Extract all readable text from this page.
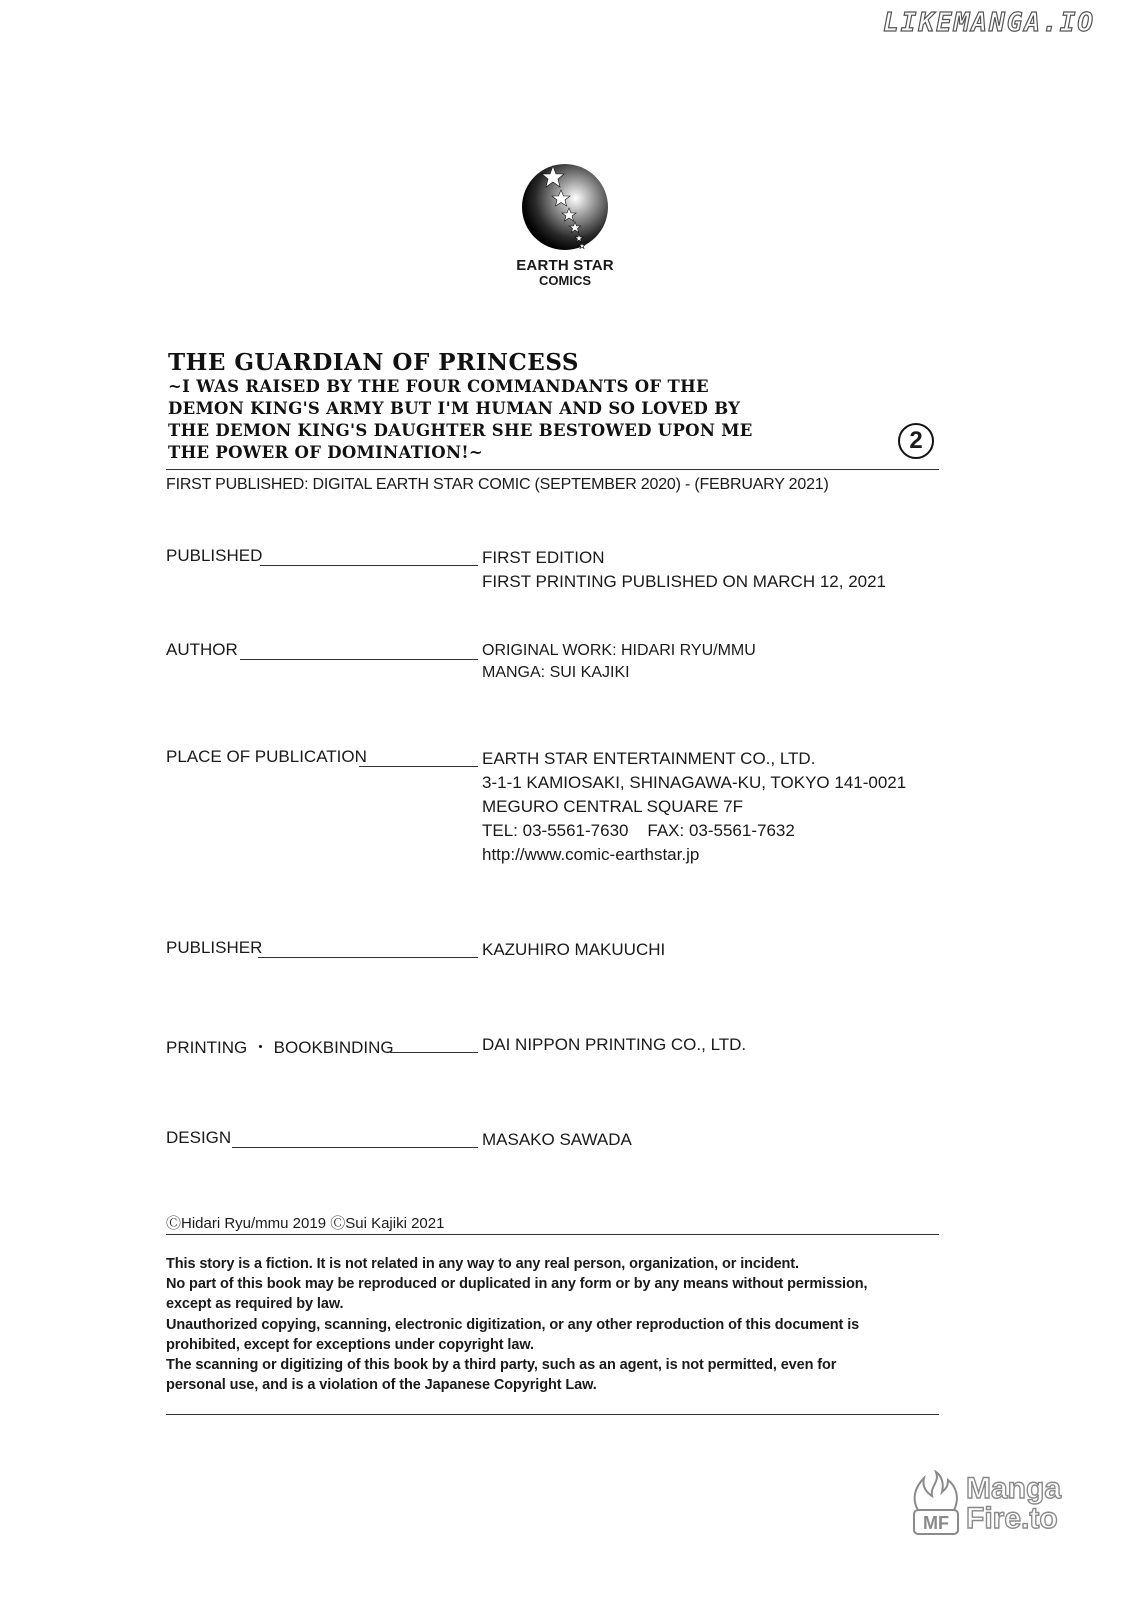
LIKEMANGA.IO
EARTH STAR
COMICS
THE GUARDIAN OF PRINCESS
~I WAS RAISED BY THE FOUR COMMANDANTS OF THE
DEMON KING'S ARMY BUT I'M HUMAN AND SO LOVED BY
THE DEMON KING'S DAUGHTER SHE BESTOWED UPON ME
THE POWER OF DOMINATION!~	2
FIRST PUBLISHED: DIGITAL EARTH STAR COMIC (SEPTEMBER 2020) - (FEBRUARY 2021)
PUBLISHED	FIRST EDITION
FIRST PRINTING PUBLISHED ON MARCH 12, 2021
AUTHOR	ORIGINAL WORK: HIDARI RYU/MMU
MANGA: SUI KAJIKI
PLACE OF PUBLICATION	EARTH STAR ENTERTAINMENT CO., LTD.
3-1-1 KAMIOSAKI, SHINAGAWA-KU, TOKYO 141-0021
MEGURO CENTRAL SQUARE 7F
TEL: 03-5561-7630    FAX: 03-5561-7632
http://www.comic-earthstar.jp
PUBLISHER	KAZUHIRO MAKUUCHI
PRINTING ・ BOOKBINDING	DAI NIPPON PRINTING CO., LTD.
DESIGN	MASAKO SAWADA
ⒸHidari Ryu/mmu 2019 ⒸSui Kajiki 2021
This story is a fiction. It is not related in any way to any real person, organization, or incident.
No part of this book may be reproduced or duplicated in any form or by any means without permission,
except as required by law.
Unauthorized copying, scanning, electronic digitization, or any other reproduction of this document is
prohibited, except for exceptions under copyright law.
The scanning or digitizing of this book by a third party, such as an agent, is not permitted, even for
personal use, and is a violation of the Japanese Copyright Law.
MF
Manga
Fire.to
